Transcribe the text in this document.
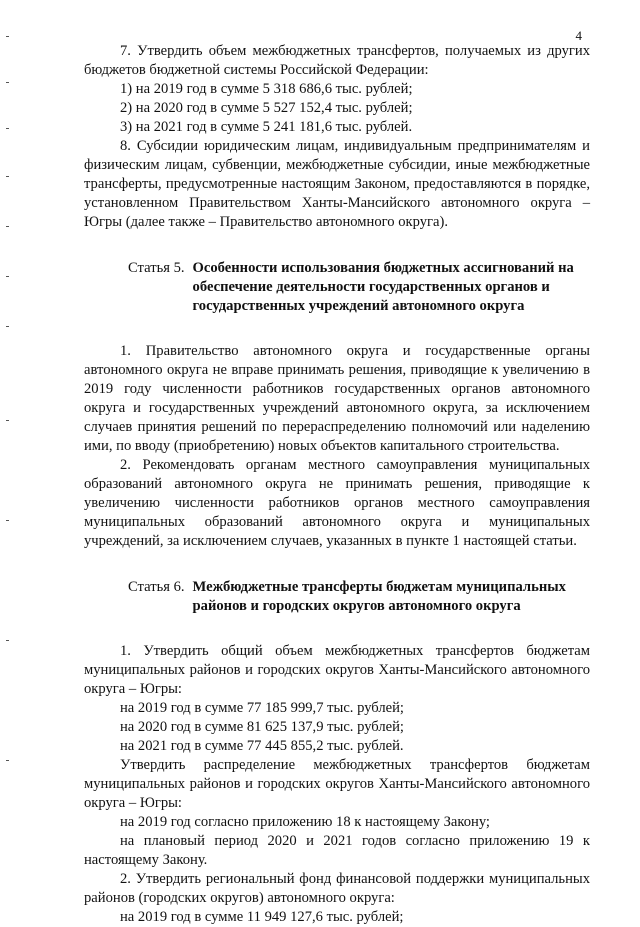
4

7. Утвердить объем межбюджетных трансфертов, получаемых из других бюджетов бюджетной системы Российской Федерации:

1) на 2019 год в сумме 5 318 686,6 тыс. рублей;

2) на 2020 год в сумме 5 527 152,4 тыс. рублей;

3) на 2021 год в сумме 5 241 181,6 тыс. рублей.

8. Субсидии юридическим лицам, индивидуальным предпринимателям и физическим лицам, субвенции, межбюджетные субсидии, иные межбюджетные трансферты, предусмотренные настоящим Законом, предоставляются в порядке, установленном Правительством Ханты-Мансийского автономного округа – Югры (далее также – Правительство автономного округа).

Статья 5. Особенности использования бюджетных ассигнований на обеспечение деятельности государственных органов и государственных учреждений автономного округа

1. Правительство автономного округа и государственные органы автономного округа не вправе принимать решения, приводящие к увеличению в 2019 году численности работников государственных органов автономного округа и государственных учреждений автономного округа, за исключением случаев принятия решений по перераспределению полномочий или наделению ими, по вводу (приобретению) новых объектов капитального строительства.

2. Рекомендовать органам местного самоуправления муниципальных образований автономного округа не принимать решения, приводящие к увеличению численности работников органов местного самоуправления муниципальных образований автономного округа и муниципальных учреждений, за исключением случаев, указанных в пункте 1 настоящей статьи.

Статья 6. Межбюджетные трансферты бюджетам муниципальных районов и городских округов автономного округа

1. Утвердить общий объем межбюджетных трансфертов бюджетам муниципальных районов и городских округов Ханты-Мансийского автономного округа – Югры:

на 2019 год в сумме 77 185 999,7 тыс. рублей;

на 2020 год в сумме 81 625 137,9 тыс. рублей;

на 2021 год в сумме 77 445 855,2 тыс. рублей.

Утвердить распределение межбюджетных трансфертов бюджетам муниципальных районов и городских округов Ханты-Мансийского автономного округа – Югры:

на 2019 год согласно приложению 18 к настоящему Закону;

на плановый период 2020 и 2021 годов согласно приложению 19 к настоящему Закону.

2. Утвердить региональный фонд финансовой поддержки муниципальных районов (городских округов) автономного округа:

на 2019 год в сумме 11 949 127,6 тыс. рублей;
